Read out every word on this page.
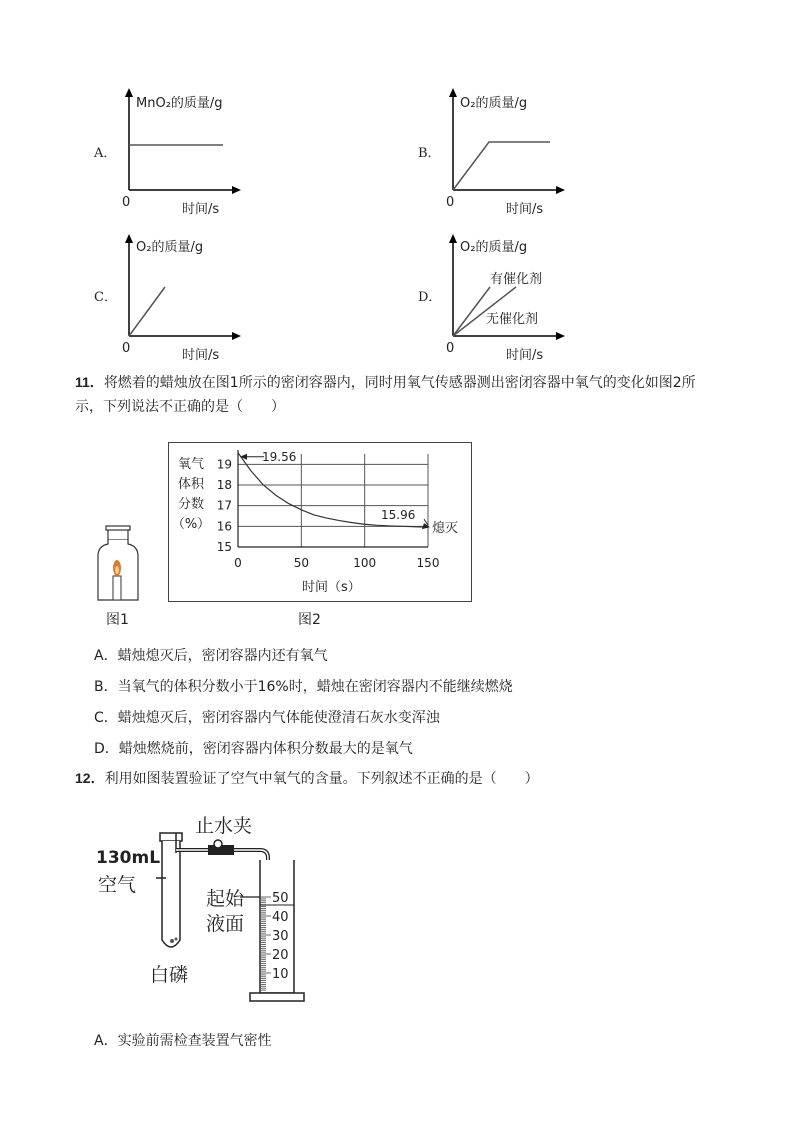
A．
MnO₂的质量/g
0	时间/s
B．
O₂的质量/g
0	时间/s
C．
O₂的质量/g
0	时间/s
D．
O₂的质量/g
有催化剂
无催化剂
0	时间/s
11．将燃着的蜡烛放在图1所示的密闭容器内，同时用氧气传感器测出密闭容器中氧气的变化如图2所
示，下列说法不正确的是（　　）
图1
15
16
17
18
19
0	50	100	150
氧气
体积
分数
（%）
时间（s）
19.56
15.96
熄灭
图2
A．蜡烛熄灭后，密闭容器内还有氧气
B．当氧气的体积分数小于16%时，蜡烛在密闭容器内不能继续燃烧
C．蜡烛熄灭后，密闭容器内气体能使澄清石灰水变浑浊
D．蜡烛燃烧前，密闭容器内体积分数最大的是氧气
12．利用如图装置验证了空气中氧气的含量。下列叙述不正确的是（　　）
50
40
30
20
10
130mL
空气
止水夹
起始
液面
白磷
A．实验前需检查装置气密性
